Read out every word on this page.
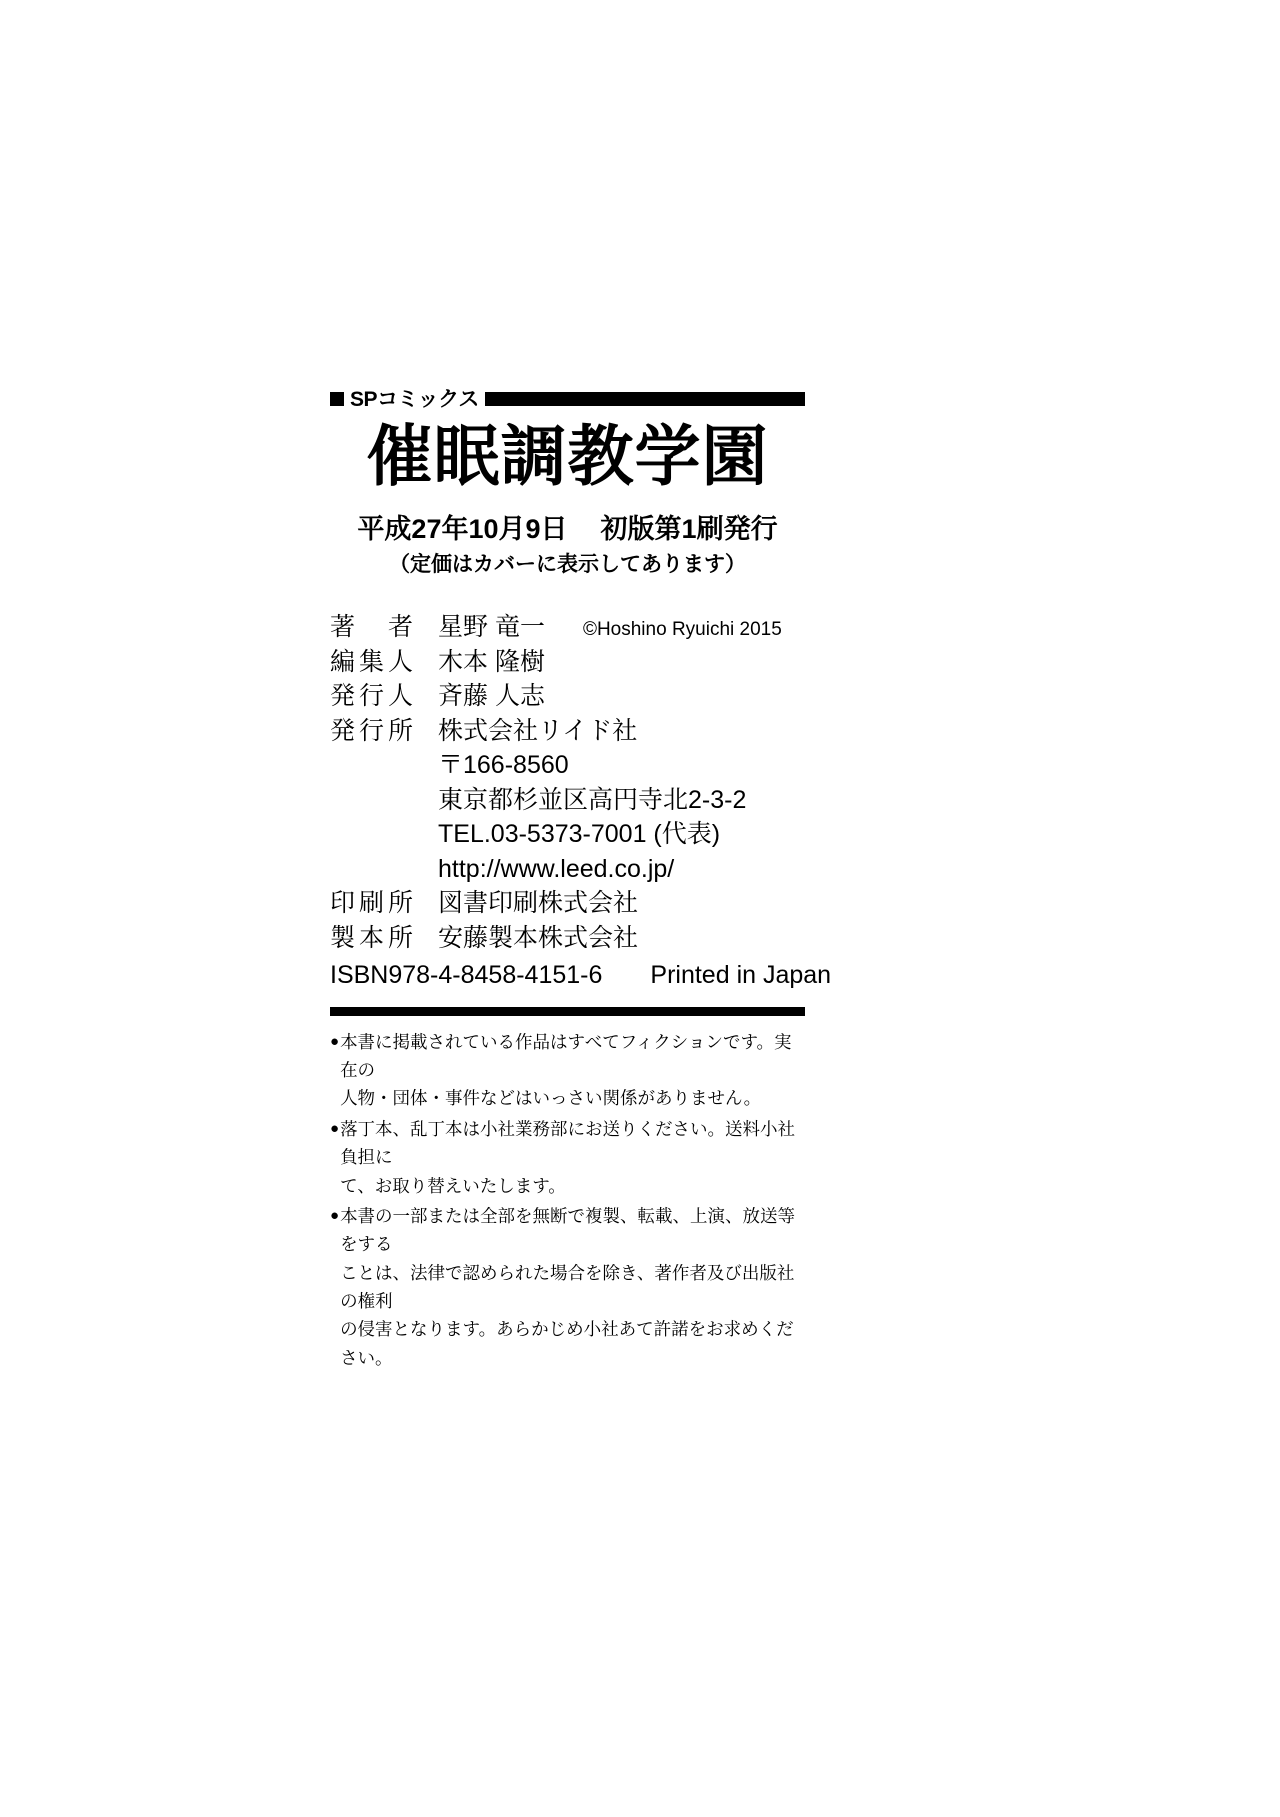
SPコミックス
催眠調教学園
平成27年10月9日 初版第1刷発行
（定価はカバーに表示してあります）
著　者 星野 竜一 ©Hoshino Ryuichi 2015
編集人 木本 隆樹
発行人 斉藤 人志
発行所 株式会社リイド社
〒166-8560
東京都杉並区高円寺北2-3-2
TEL.03-5373-7001 (代表)
http://www.leed.co.jp/
印刷所 図書印刷株式会社
製本所 安藤製本株式会社
ISBN978-4-8458-4151-6 Printed in Japan
● 本書に掲載されている作品はすべてフィクションです。実在の

人物・団体・事件などはいっさい関係がありません。

● 落丁本、乱丁本は小社業務部にお送りください。送料小社負担に

て、お取り替えいたします。

● 本書の一部または全部を無断で複製、転載、上演、放送等をする

ことは、法律で認められた場合を除き、著作者及び出版社の権利

の侵害となります。あらかじめ小社あて許諾をお求めください。
